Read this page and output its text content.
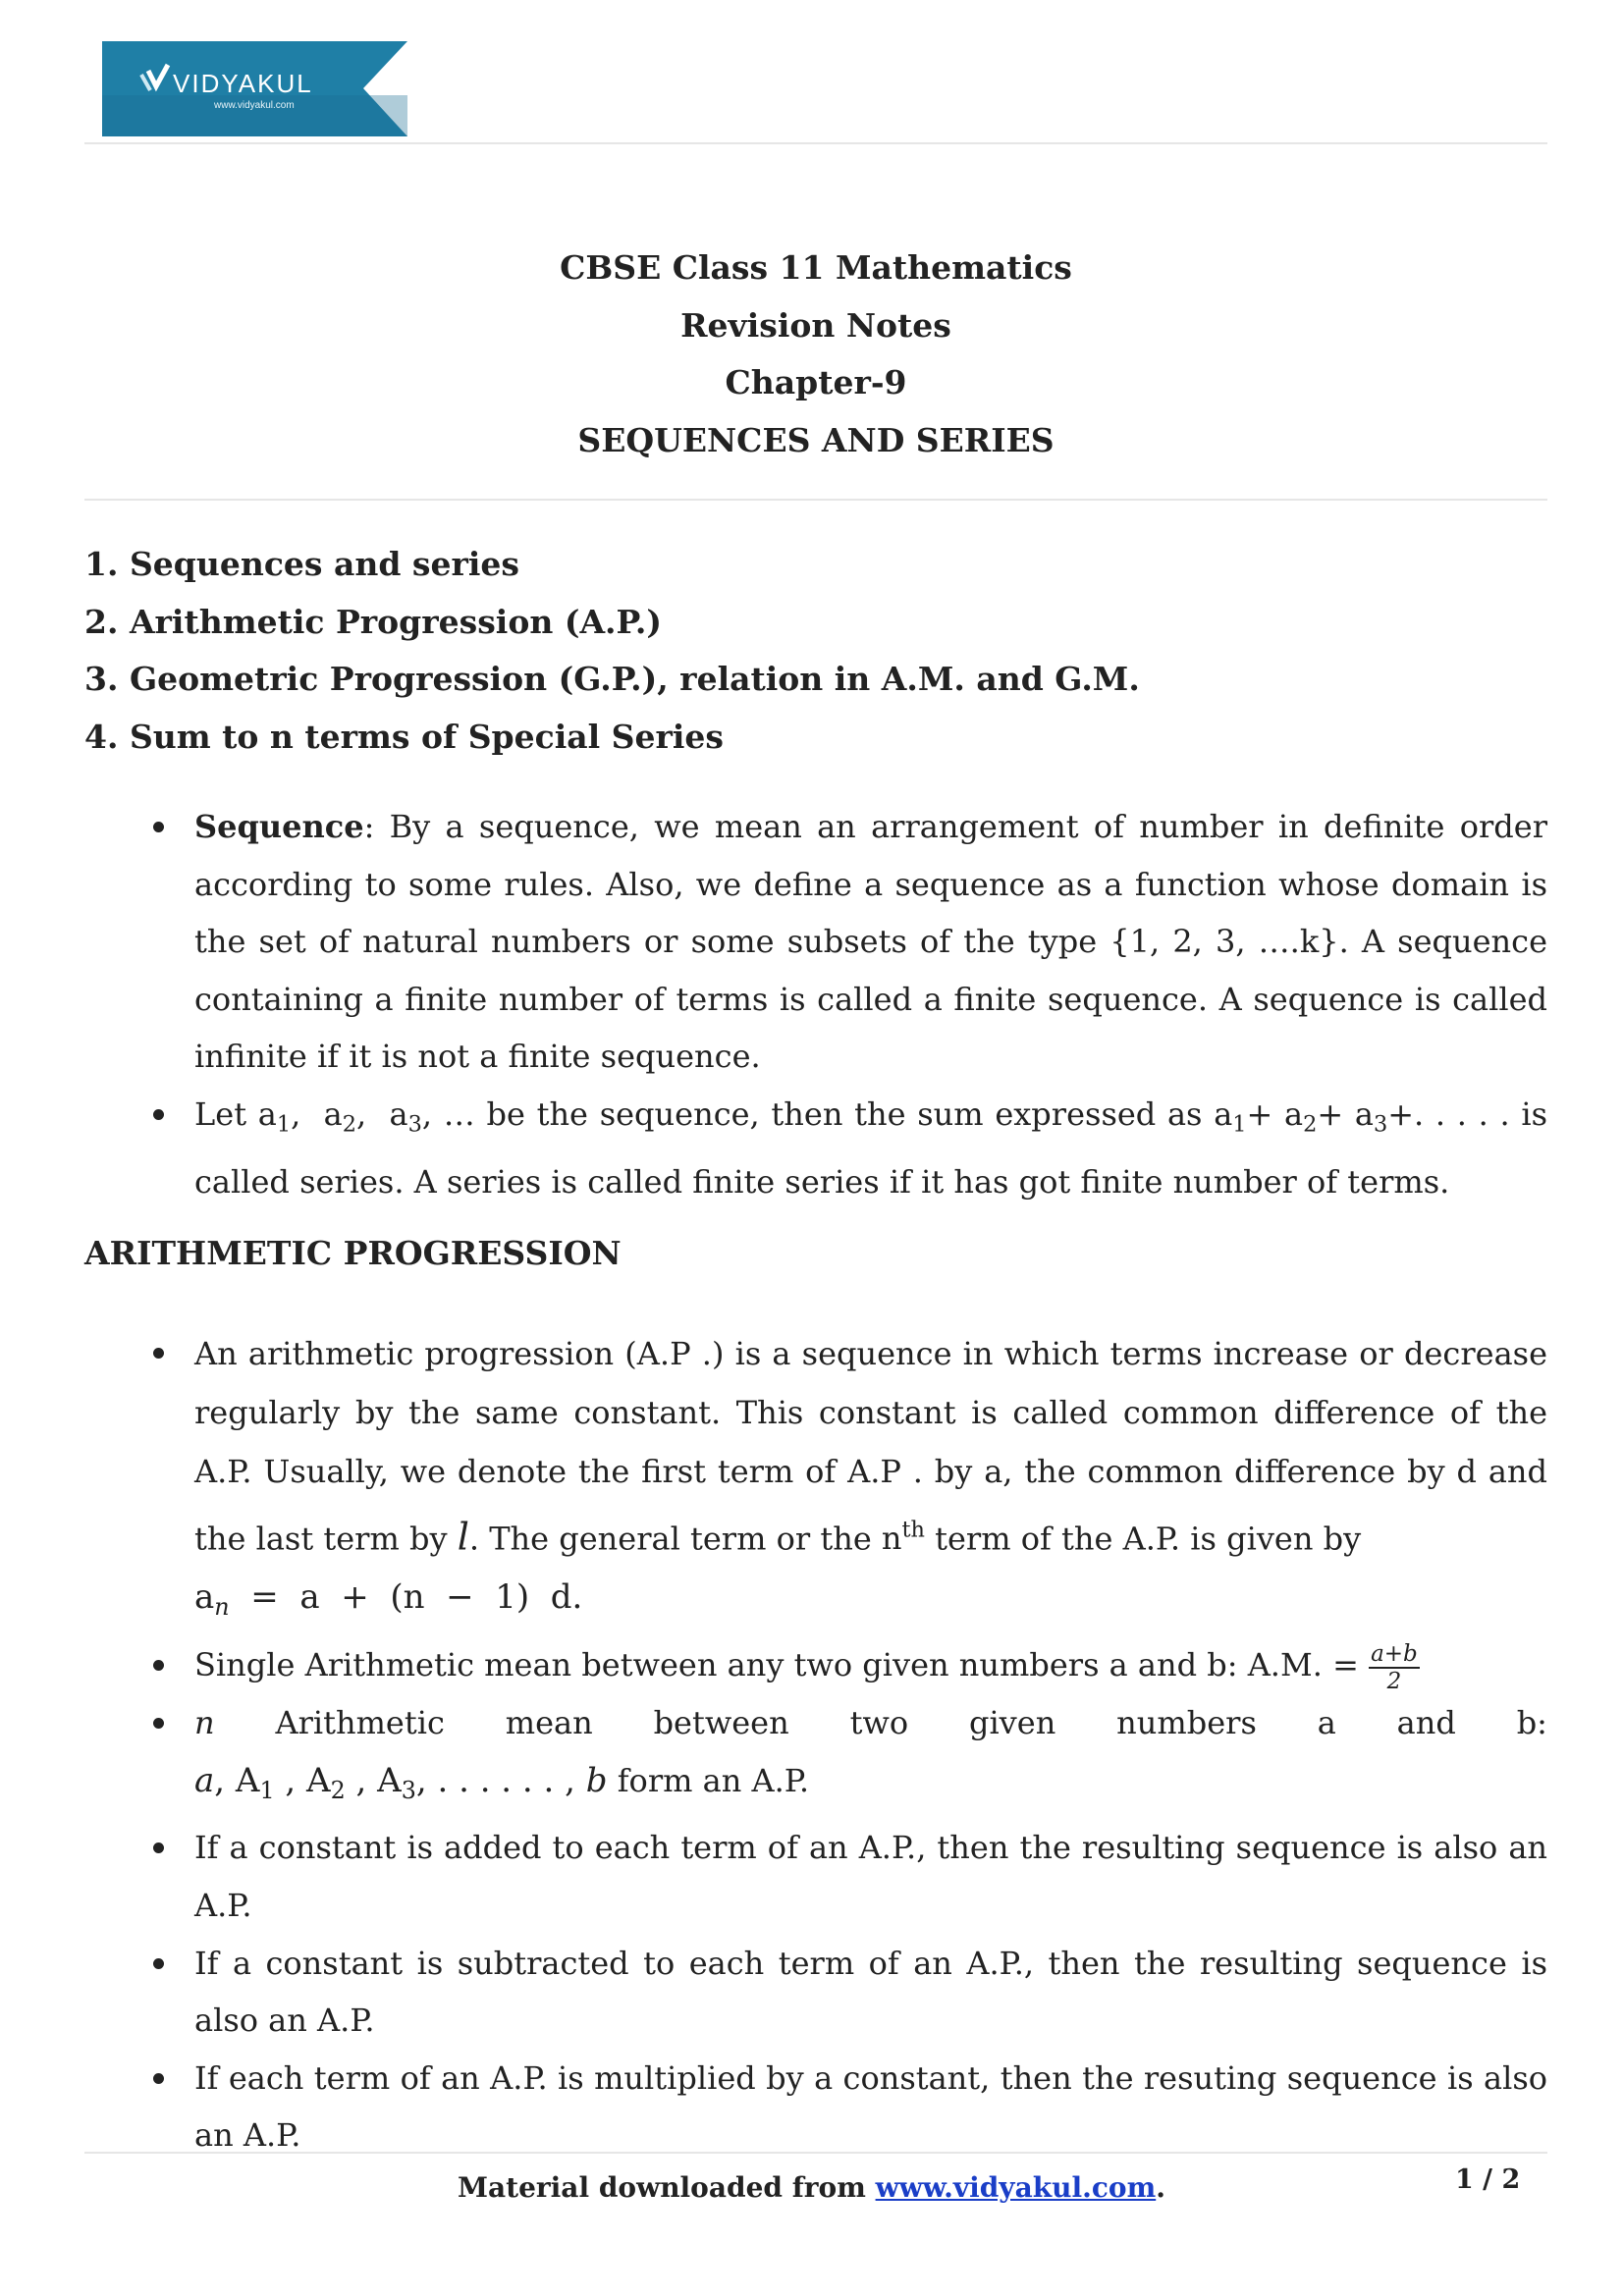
VIDYAKUL
www.vidyakul.com
CBSE Class 11 Mathematics
Revision Notes
Chapter-9
SEQUENCES AND SERIES
1. Sequences and series
2. Arithmetic Progression (A.P.)
3. Geometric Progression (G.P.), relation in A.M. and G.M.
4. Sum to n terms of Special Series
Sequence: By a sequence, we mean an arrangement of number in definite order according to some rules. Also, we define a sequence as a function whose domain is the set of natural numbers or some subsets of the type {1, 2, 3, ….k}. A sequence containing a finite number of terms is called a finite sequence. A sequence is called infinite if it is not a finite sequence.
Let $a_1$,  $a_2$,  $a_3$, … be the sequence, then the sum expressed as $a_1+ a_2+ a_3+$. . . . . is called series. A series is called finite series if it has got finite number of terms.
ARITHMETIC PROGRESSION
An arithmetic progression (A.P .) is a sequence in which terms increase or decrease regularly by the same constant. This constant is called common difference of the A.P. Usually, we denote the first term of A.P . by a, the common difference by d and the last term by l. The general term or the $n^{th}$ term of the A.P. is given by
$a_n = a + (n - 1)$  d.
Single Arithmetic mean between any two given numbers a and b: A.M. = $\frac{a+b}{2}$
n Arithmetic mean between two given numbers a and b:
a, $A_1$ , $A_2$ , $A_3$, . . . . . . , b form an A.P.
If a constant is added to each term of an A.P., then the resulting sequence is also an A.P.
If a constant is subtracted to each term of an A.P., then the resulting sequence is also an A.P.
If each term of an A.P. is multiplied by a constant, then the resuting sequence is also an A.P.
Material downloaded from www.vidyakul.com.	1 / 2
